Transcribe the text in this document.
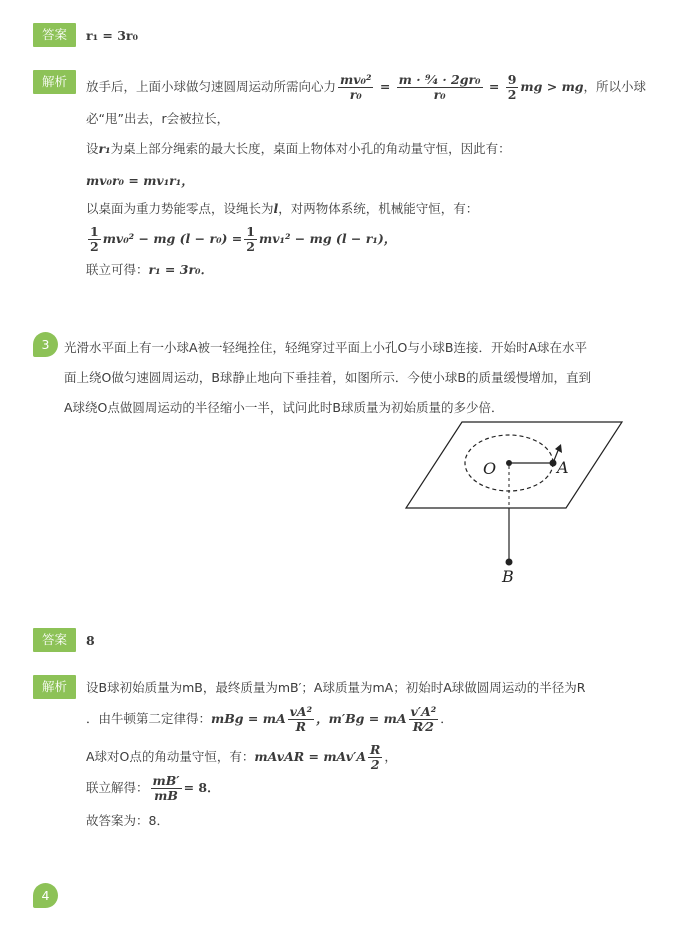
答案	r₁ = 3r₀
解析	放手后，上面小球做匀速圆周运动所需向心力 $\frac{\text{mv₀²}}{\text{r₀}} = \frac{\text{m · ⁹⁄₄ · 2gr₀}}{\text{r₀}} = \frac{9}{2}$ mg > mg，所以小球
必“甩”出去，r会被拉长，
设r₁为桌上部分绳索的最大长度，桌面上物体对小孔的角动量守恒，因此有：
mv₀r₀ = mv₁r₁，
以桌面为重力势能零点，设绳长为l，对两物体系统，机械能守恒，有：
$\frac{1}{2} mv_0^2$ − mg $(l - r_0) = \frac{1}{2} mv_1^2$ − mg (l − r₁)，
联立可得：r₁ = 3r₀．
3	光滑水平面上有一小球A被一轻绳拴住，轻绳穿过平面上小孔O与小球B连接．开始时A球在水平
面上绕O做匀速圆周运动，B球静止地向下垂挂着，如图所示．今使小球B的质量缓慢增加，直到
A球绕O点做圆周运动的半径缩小一半，试问此时B球质量为初始质量的多少倍．
O	A
B
答案	8
解析	设B球初始质量为mB，最终质量为mB′；A球质量为mA；初始时A球做圆周运动的半径为R
．由牛顿第二定律得：mBg = mA $\frac{\text{vA²}}{R}$ ，m′Bg = mA $\frac{\text{v′A²}}{R⁄2}$ ．
A球对O点的角动量守恒，有：mAvAR = $mAv'A \frac{R}{2}$ ，
联立解得： $\frac{mB'}{mB} = 8$．
故答案为：8．
4
